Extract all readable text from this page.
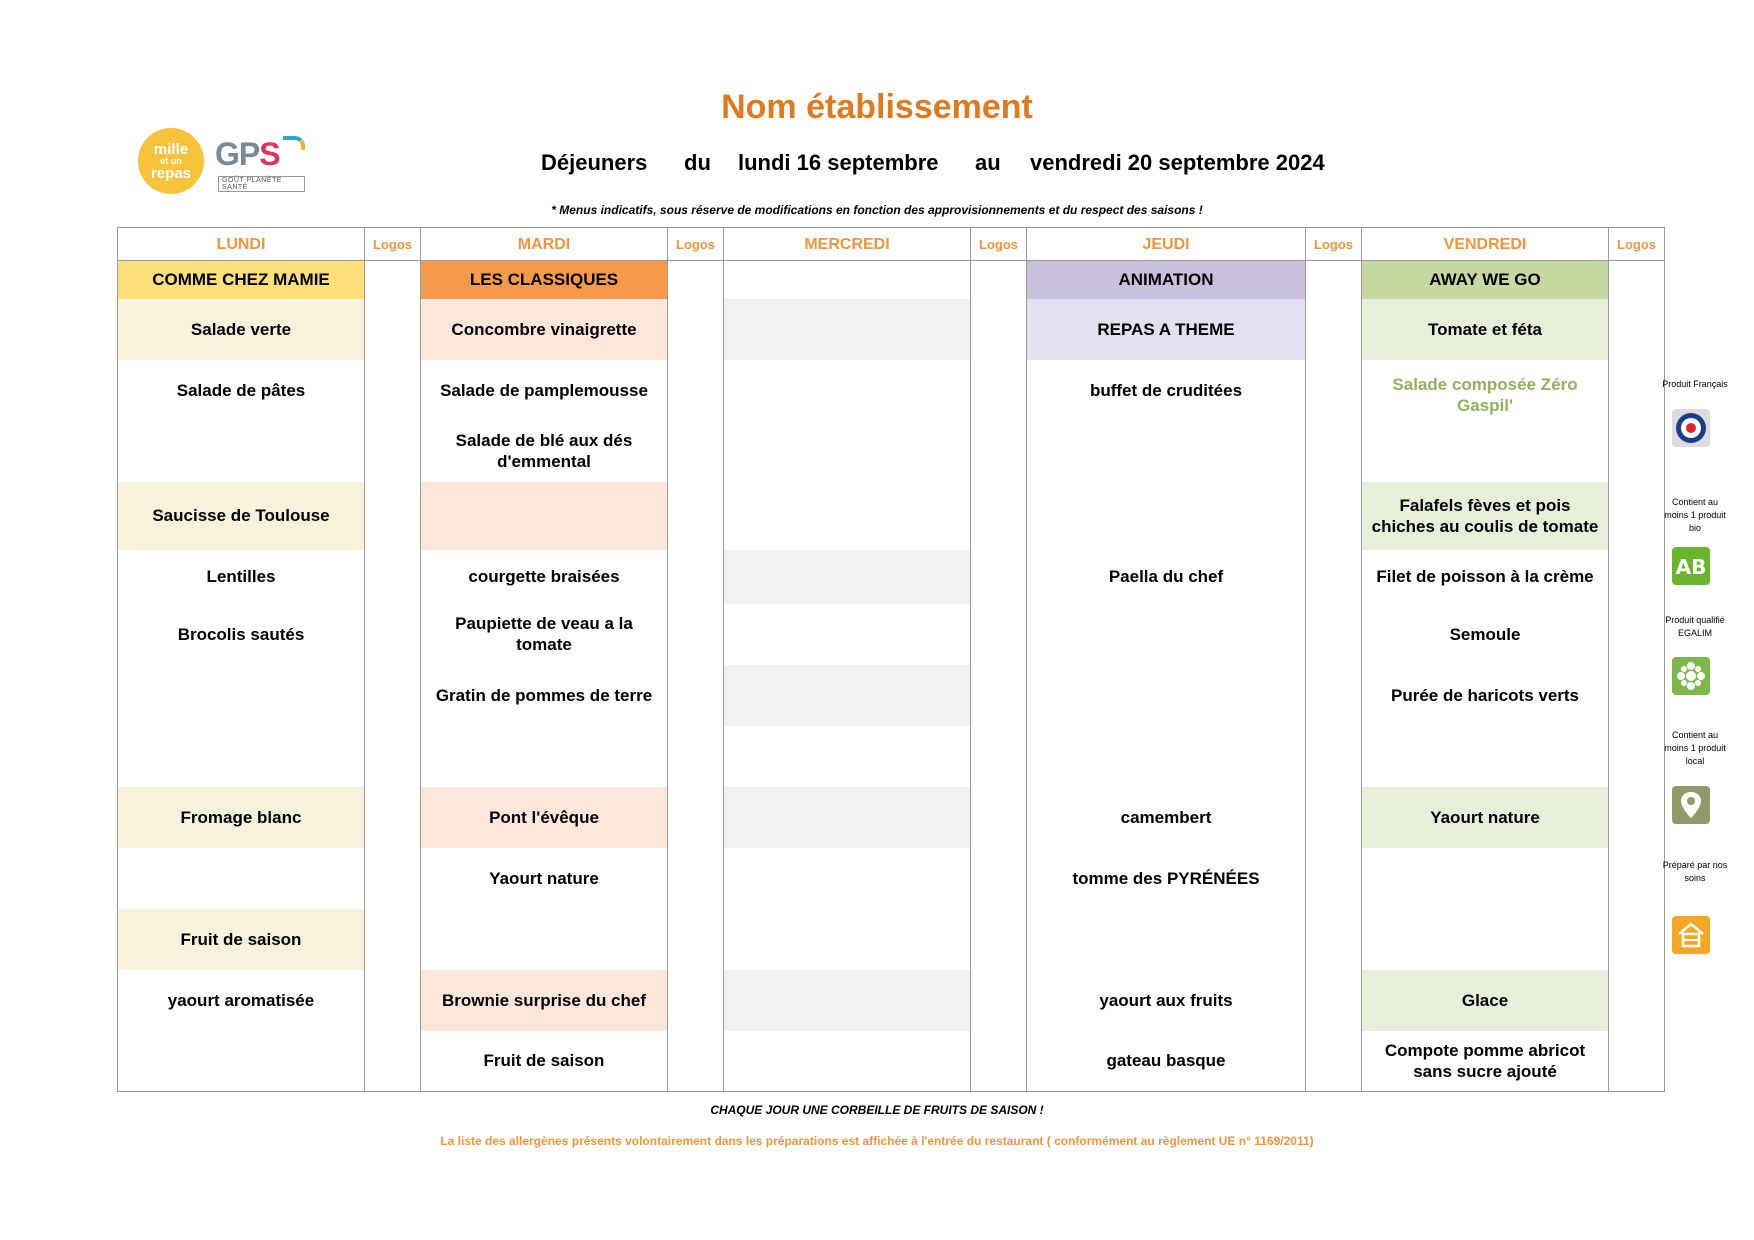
Nom établissement
mille
et un
repas
GPS
GOÛT PLANÈTE SANTÉ
Déjeuners du lundi 16 septembre au vendredi 20 septembre 2024
* Menus indicatifs, sous réserve de modifications en fonction des approvisionnements et du respect des saisons !
LUNDI	Logos	MARDI	Logos	MERCREDI	Logos	JEUDI	Logos	VENDREDI	Logos
COMME CHEZ MAMIE		LES CLASSIQUES				ANIMATION		AWAY WE GO	
Salade verte		Concombre vinaigrette				REPAS A THEME		Tomate et féta	
Salade de pâtes		Salade de pamplemousse				buffet de cruditées		Salade composée Zéro Gaspil'	
		Salade de blé aux dés d'emmental							
Saucisse de Toulouse								Falafels fèves et pois chiches au coulis de tomate	
Lentilles		courgette braisées				Paella du chef		Filet de poisson à la crème	
Brocolis sautés		Paupiette de veau a la tomate						Semoule	
		Gratin de pommes de terre						Purée de haricots verts	

Fromage blanc		Pont l'évêque				camembert		Yaourt nature	
		Yaourt nature				tomme des PYRÉNÉES			
Fruit de saison									
yaourt aromatisée		Brownie surprise du chef				yaourt aux fruits		Glace	
		Fruit de saison				gateau basque		Compote pomme abricot sans sucre ajouté	
CHAQUE JOUR UNE CORBEILLE DE FRUITS DE SAISON !
La liste des allergènes présents volontairement dans les préparations est affichée à l'entrée du restaurant ( conformément au règlement UE n° 1169/2011)
Produit Français
Contient au moins 1 produit bio
AB
Produit qualifié EGALIM
Contient au moins 1 produit local
Préparé par nos soins
